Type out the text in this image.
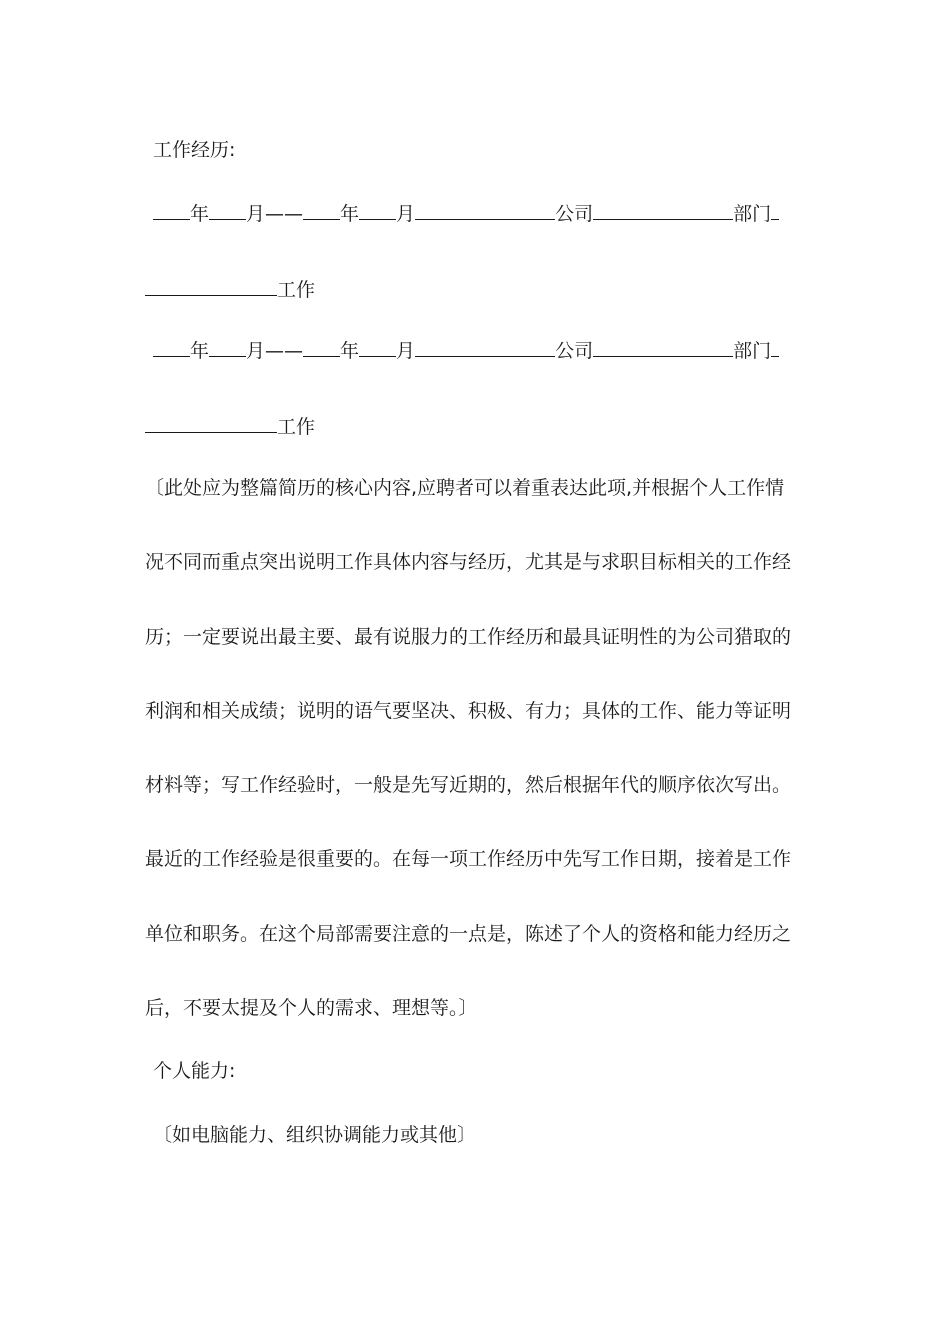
工作经历:
年 月—— 年 月	公司	部门
工作
年 月—— 年 月	公司	部门
工作
〔此处应为整篇简历的核心内容,应聘者可以着重表达此项,并根据个人工作情
况不同而重点突出说明工作具体内容与经历，尤其是与求职目标相关的工作经
历；一定要说出最主要、最有说服力的工作经历和最具证明性的为公司猎取的
利润和相关成绩；说明的语气要坚决、积极、有力；具体的工作、能力等证明
材料等；写工作经验时，一般是先写近期的，然后根据年代的顺序依次写出。
最近的工作经验是很重要的。在每一项工作经历中先写工作日期，接着是工作
单位和职务。在这个局部需要注意的一点是，陈述了个人的资格和能力经历之
后，不要太提及个人的需求、理想等。〕
个人能力:
〔如电脑能力、组织协调能力或其他〕
